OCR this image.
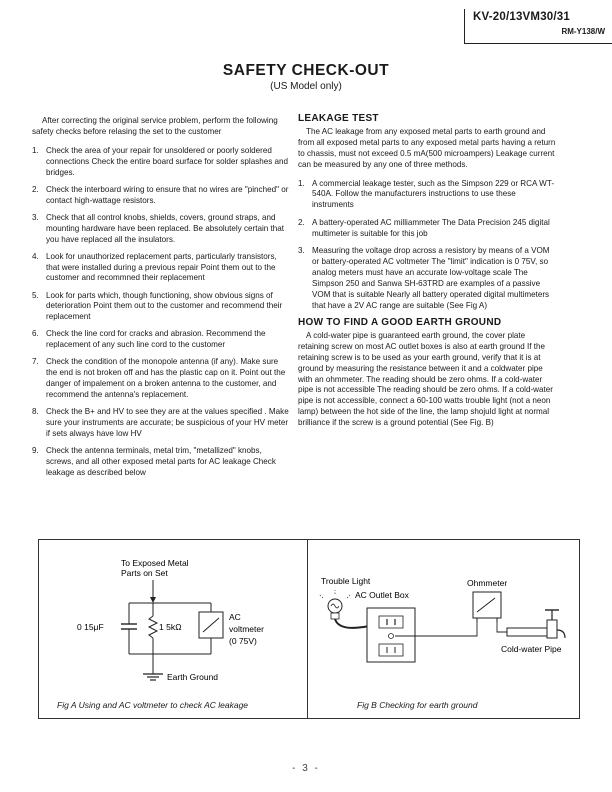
KV-20/13VM30/31
RM-Y138/W
SAFETY CHECK-OUT
(US Model only)

After correcting the original service problem, perform the following safety checks before relasing the set to the customer

1. Check the area of your repair for unsoldered or poorly soldered connections Check the entire board surface for solder splashes and bridges.
2. Check the interboard wiring to ensure that no wires are "pinched" or contact high-wattage resistors.
3. Check that all control knobs, shields, covers, ground straps, and mounting hardware have been replaced. Be absolutely certain that you have replaced all the insulators.
4. Look for unauthorized replacement parts, particularly transistors, that were installed during a previous repair Point them out to the customer and recommned their replacement
5. Look for parts which, though functioning, show obvious signs of deterioration Point them out to the customer and recommend their replacement
6. Check the line cord for cracks and abrasion. Recommend the replacement of any such line cord to the customer
7. Check the condition of the monopole antenna (if any). Make sure the end is not broken off and has the plastic cap on it. Point out the danger of impalement on a broken antenna to the customer, and recommend the antenna's replacement.
8. Check the B+ and HV to see they are at the values specified . Make sure your instruments are accurate; be suspicious of your HV meter if sets always have low HV
9. Check the antenna terminals, metal trim, "metallized" knobs, screws, and all other exposed metal parts for AC leakage Check leakage as described below
LEAKAGE TEST

The AC leakage from any exposed metal parts to earth ground and from all exposed metal parts to any exposed metal parts having a return to chassis, must not exceed 0.5 mA(500 microampers) Leakage current can be measured by any one of three methods.

1. A commercial leakage tester, such as the Simpson 229 or RCA WT-540A. Follow the manufacturers instructions to use these instruments
2. A battery-operated AC milliammeter The Data Precision 245 digital multimeter is suitable for this job
3. Measuring the voltage drop across a resistory by means of a VOM or battery-operated AC voltmeter The "limit" indication is 0 75V, so analog meters must have an accurate low-voltage scale The Simpson 250 and Sanwa SH-63TRD are examples of a passive VOM that is suitable Nearly all battery operated digital multimeters that have a 2V AC range are suitable (See Fig A)
HOW TO FIND A GOOD EARTH GROUND

A cold-water pipe is guaranteed earth ground, the cover plate retaining screw on most AC outlet boxes is also at earth ground If the retaining screw is to be used as your earth ground, verify that it is at ground by measuring the resistance between it and a coldwater pipe with an ohmmeter. The reading should be zero ohms. If a cold-water pipe is not accessible The reading should be zero ohms. If a cold-water pipe is not accessible, connect a 60-100 watts trouble light (not a neon lamp) between the hot side of the line, the lamp shojuld light at normal brilliance if the screw is a ground potential (See Fig. B)

To Exposed Metal
Parts on Set
0 15μF	1 5kΩ
AC
voltmeter
(0 75V)
Earth Ground
Fig A Using and AC voltmeter to check AC leakage
Trouble Light
AC Outlet Box
Ohmmeter
Cold-water Pipe
Fig B Checking for earth ground
- 3 -
